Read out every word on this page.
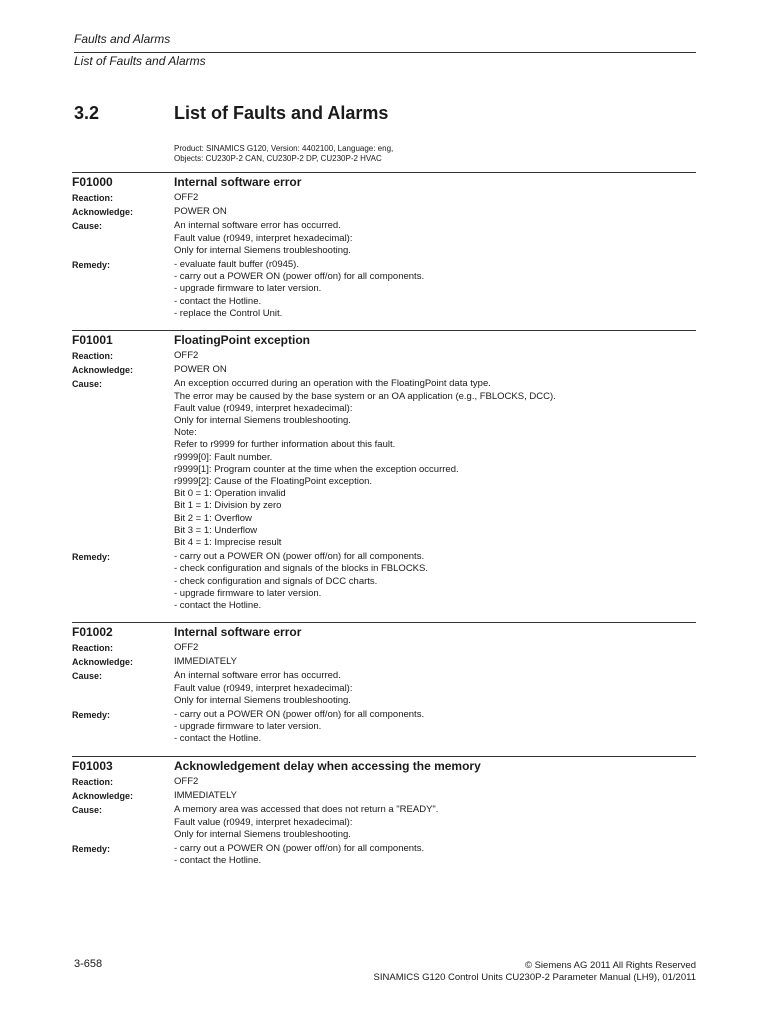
Faults and Alarms
List of Faults and Alarms
3.2	List of Faults and Alarms
Product: SINAMICS G120, Version: 4402100, Language: eng,
Objects: CU230P-2 CAN, CU230P-2 DP, CU230P-2 HVAC
F01000	Internal software error
Reaction:	OFF2
Acknowledge:	POWER ON
Cause:	An internal software error has occurred.
Fault value (r0949, interpret hexadecimal):
Only for internal Siemens troubleshooting.
Remedy:	- evaluate fault buffer (r0945).
- carry out a POWER ON (power off/on) for all components.
- upgrade firmware to later version.
- contact the Hotline.
- replace the Control Unit.
F01001	FloatingPoint exception
Reaction:	OFF2
Acknowledge:	POWER ON
Cause:	An exception occurred during an operation with the FloatingPoint data type.
The error may be caused by the base system or an OA application (e.g., FBLOCKS, DCC).
Fault value (r0949, interpret hexadecimal):
Only for internal Siemens troubleshooting.
Note:
Refer to r9999 for further information about this fault.
r9999[0]: Fault number.
r9999[1]: Program counter at the time when the exception occurred.
r9999[2]: Cause of the FloatingPoint exception.
Bit 0 = 1: Operation invalid
Bit 1 = 1: Division by zero
Bit 2 = 1: Overflow
Bit 3 = 1: Underflow
Bit 4 = 1: Imprecise result
Remedy:	- carry out a POWER ON (power off/on) for all components.
- check configuration and signals of the blocks in FBLOCKS.
- check configuration and signals of DCC charts.
- upgrade firmware to later version.
- contact the Hotline.
F01002	Internal software error
Reaction:	OFF2
Acknowledge:	IMMEDIATELY
Cause:	An internal software error has occurred.
Fault value (r0949, interpret hexadecimal):
Only for internal Siemens troubleshooting.
Remedy:	- carry out a POWER ON (power off/on) for all components.
- upgrade firmware to later version.
- contact the Hotline.
F01003	Acknowledgement delay when accessing the memory
Reaction:	OFF2
Acknowledge:	IMMEDIATELY
Cause:	A memory area was accessed that does not return a "READY".
Fault value (r0949, interpret hexadecimal):
Only for internal Siemens troubleshooting.
Remedy:	- carry out a POWER ON (power off/on) for all components.
- contact the Hotline.
3-658	© Siemens AG 2011 All Rights Reserved
SINAMICS G120 Control Units CU230P-2 Parameter Manual (LH9), 01/2011
